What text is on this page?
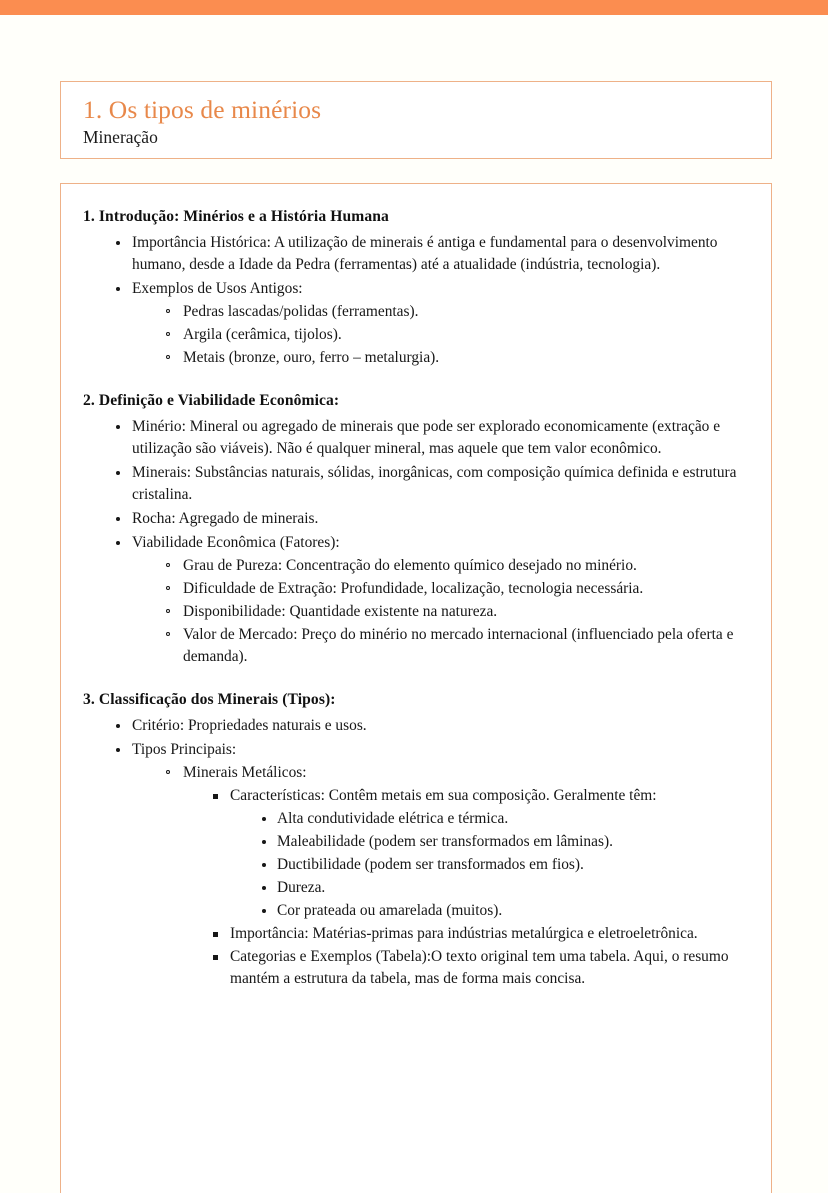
1. Os tipos de minérios
Mineração
1. Introdução: Minérios e a História Humana
Importância Histórica: A utilização de minerais é antiga e fundamental para o desenvolvimento humano, desde a Idade da Pedra (ferramentas) até a atualidade (indústria, tecnologia).
Exemplos de Usos Antigos:
Pedras lascadas/polidas (ferramentas).
Argila (cerâmica, tijolos).
Metais (bronze, ouro, ferro – metalurgia).
2. Definição e Viabilidade Econômica:
Minério: Mineral ou agregado de minerais que pode ser explorado economicamente (extração e utilização são viáveis). Não é qualquer mineral, mas aquele que tem valor econômico.
Minerais: Substâncias naturais, sólidas, inorgânicas, com composição química definida e estrutura cristalina.
Rocha: Agregado de minerais.
Viabilidade Econômica (Fatores):
Grau de Pureza: Concentração do elemento químico desejado no minério.
Dificuldade de Extração: Profundidade, localização, tecnologia necessária.
Disponibilidade: Quantidade existente na natureza.
Valor de Mercado: Preço do minério no mercado internacional (influenciado pela oferta e demanda).
3. Classificação dos Minerais (Tipos):
Critério: Propriedades naturais e usos.
Tipos Principais:
Minerais Metálicos:
Características: Contêm metais em sua composição. Geralmente têm:
Alta condutividade elétrica e térmica.
Maleabilidade (podem ser transformados em lâminas).
Ductibilidade (podem ser transformados em fios).
Dureza.
Cor prateada ou amarelada (muitos).
Importância: Matérias-primas para indústrias metalúrgica e eletroeletrônica.
Categorias e Exemplos (Tabela):O texto original tem uma tabela. Aqui, o resumo mantém a estrutura da tabela, mas de forma mais concisa.
